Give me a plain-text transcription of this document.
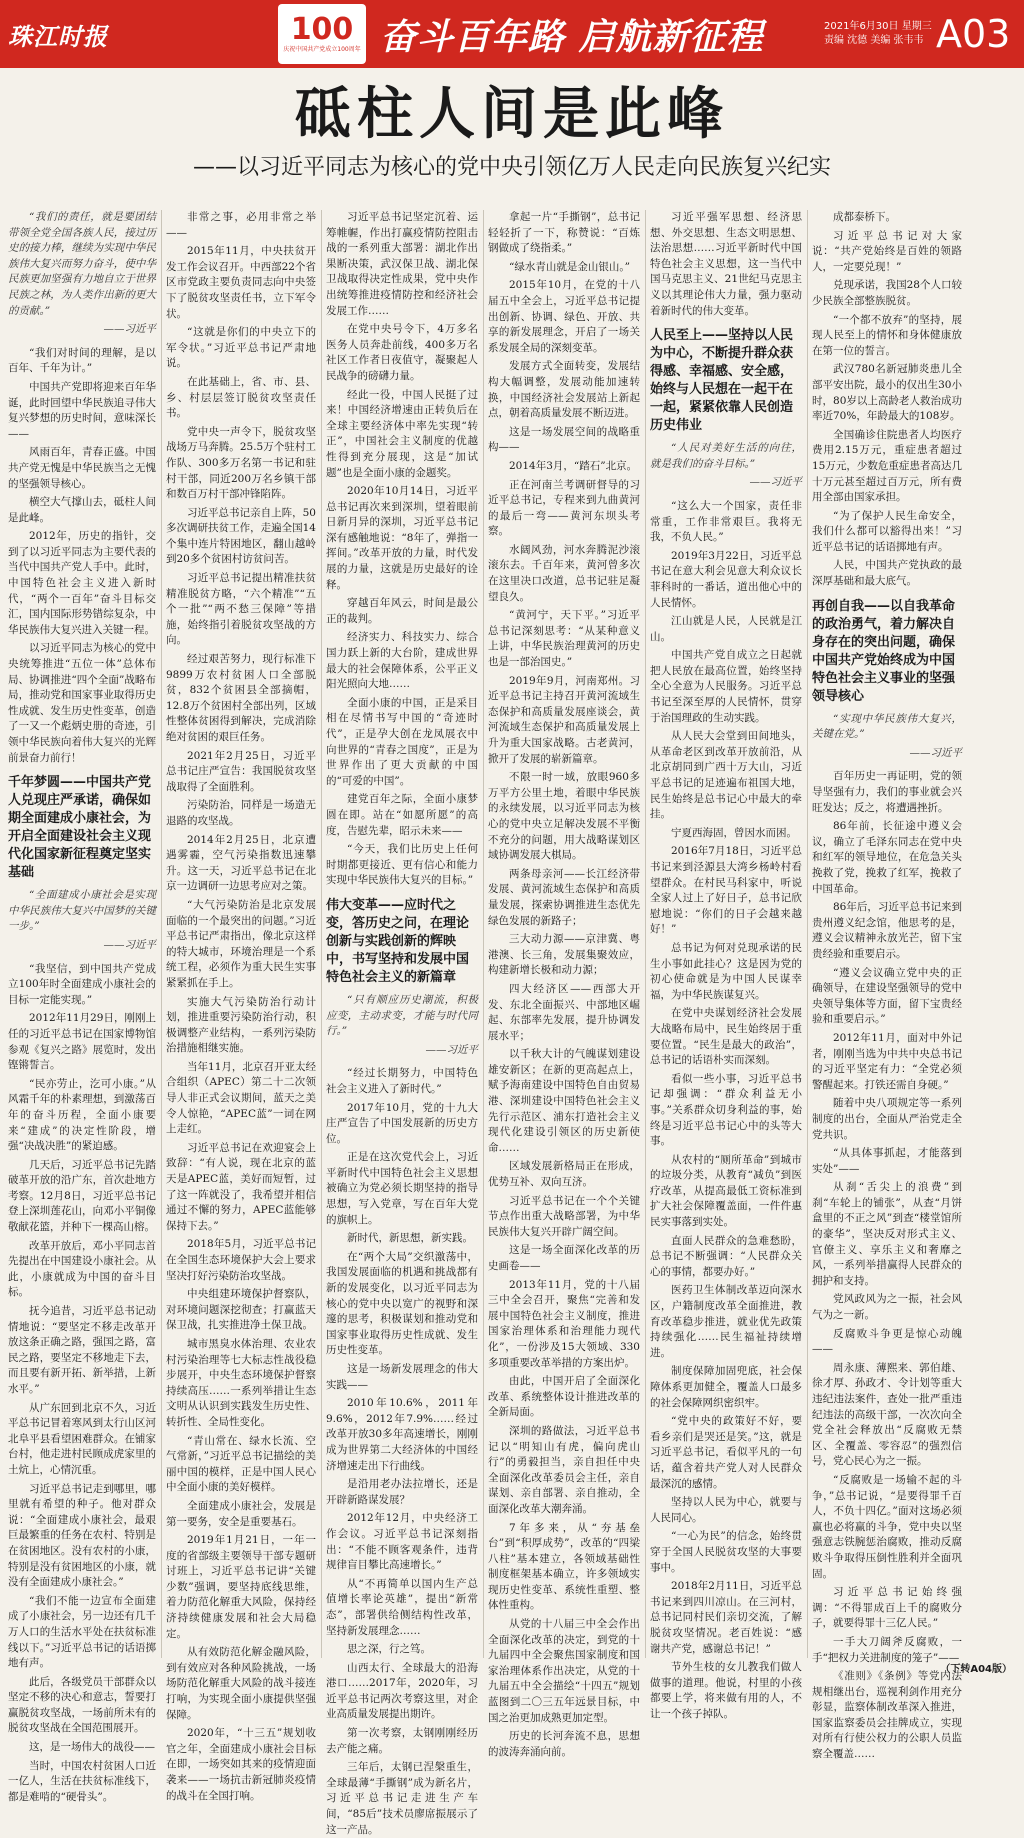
珠江时报	100
庆祝中国共产党成立100周年 奋斗百年路 启航新征程	2021年6月30日 星期三
责编 沈德 美编 张韦韦 A03
砥柱人间是此峰
——以习近平同志为核心的党中央引领亿万人民走向民族复兴纪实

“我们的责任，就是要团结带领全党全国各族人民，接过历史的接力棒，继续为实现中华民族伟大复兴而努力奋斗，使中华民族更加坚强有力地自立于世界民族之林，为人类作出新的更大的贡献。”

——习近平

“我们对时间的理解，是以百年、千年为计。”

中国共产党即将迎来百年华诞，此时回望中华民族追寻伟大复兴梦想的历史时间，意味深长——

风雨百年，青春正盛。中国共产党无愧是中华民族当之无愧的坚强领导核心。

横空大气撑山去，砥柱人间是此峰。

2012年，历史的指针，交到了以习近平同志为主要代表的当代中国共产党人手中。此时，中国特色社会主义进入新时代，“两个一百年”奋斗目标交汇，国内国际形势错综复杂，中华民族伟大复兴进入关键一程。

以习近平同志为核心的党中央统筹推进“五位一体”总体布局、协调推进“四个全面”战略布局，推动党和国家事业取得历史性成就、发生历史性变革，创造了一又一个彪炳史册的奇迹，引领中华民族向着伟大复兴的光辉前景奋力前行！

千年梦圆——中国共产党人兑现庄严承诺，确保如期全面建成小康社会，为开启全面建设社会主义现代化国家新征程奠定坚实基础

“全面建成小康社会是实现中华民族伟大复兴中国梦的关键一步。”

——习近平

“我坚信，到中国共产党成立100年时全面建成小康社会的目标一定能实现。”

2012年11月29日，刚刚上任的习近平总书记在国家博物馆参观《复兴之路》展览时，发出铿锵誓言。

“民亦劳止，汔可小康。”从风霜千年的朴素理想，到激荡百年的奋斗历程，全面小康要来“建成”的决定性阶段，增强“决战决胜”的紧迫感。

几天后，习近平总书记先踏破革开放的沿广东，首次赴地方考察。12月8日，习近平总书记登上深圳莲花山，向邓小平铜像敬献花篮，并种下一棵高山榕。

改革开放后，邓小平同志首先提出在中国建设小康社会。从此，小康就成为中国的奋斗目标。

抚今追昔，习近平总书记动情地说：“要坚定不移走改革开放这条正确之路，强国之路，富民之路，要坚定不移地走下去，而且要有新开拓、新举措，上新水平。”

从广东回到北京不久，习近平总书记冒着寒风到太行山区河北阜平县看望困难群众。在铺家台村，他走进村民顾成虎家里的土炕上，心情沉重。

习近平总书记走到哪里，哪里就有希望的种子。他对群众说：“全面建成小康社会，最艰巨最繁重的任务在农村、特别是在贫困地区。没有农村的小康，特别是没有贫困地区的小康，就没有全面建成小康社会。”

“我们不能一边宣布全面建成了小康社会，另一边还有几千万人口的生活水平处在扶贫标准线以下。”习近平总书记的话语掷地有声。

此后，各级党员干部群众以坚定不移的决心和意志，誓要打赢脱贫攻坚战，一场前所未有的脱贫攻坚战在全国范围展开。

这，是一场伟大的战役——

当时，中国农村贫困人口近一亿人，生活在扶贫标准线下，都是难啃的“硬骨头”。

非常之事，必用非常之举——

2015年11月，中央扶贫开发工作会议召开。中西部22个省区市党政主要负责同志向中央签下了脱贫攻坚责任书，立下军令状。

“这就是你们的中央立下的军令状。”习近平总书记严肃地说。

在此基础上，省、市、县、乡、村层层签订脱贫攻坚责任书。

党中央一声令下，脱贫攻坚战场万马奔腾。25.5万个驻村工作队、300多万名第一书记和驻村干部，同近200万名乡镇干部和数百万村干部冲锋陷阵。

习近平总书记亲自上阵，50多次调研扶贫工作，走遍全国14个集中连片特困地区，翻山越岭到20多个贫困村访贫问苦。

习近平总书记提出精准扶贫精准脱贫方略，“六个精准”“五个一批”“两不愁三保障”等措施，始终指引着脱贫攻坚战的方向。

经过艰苦努力，现行标准下9899万农村贫困人口全部脱贫，832个贫困县全部摘帽，12.8万个贫困村全部出列，区域性整体贫困得到解决，完成消除绝对贫困的艰巨任务。

2021年2月25日，习近平总书记庄严宣告：我国脱贫攻坚战取得了全面胜利。

污染防治，同样是一场造无退路的攻坚战。

2014年2月25日，北京遭遇雾霾，空气污染指数迅速攀升。这一天，习近平总书记在北京一边调研一边思考应对之策。

“大气污染防治是北京发展面临的一个最突出的问题。”习近平总书记严肃指出，像北京这样的特大城市，环境治理是一个系统工程，必须作为重大民生实事紧紧抓在手上。

实施大气污染防治行动计划，推进重要污染防治行动，积极调整产业结构，一系列污染防治措施相继实施。

当年11月，北京召开亚太经合组织（APEC）第二十二次领导人非正式会议期间，蓝天之美令人惊艳，“APEC蓝”一词在网上走红。

习近平总书记在欢迎宴会上致辞：“有人说，现在北京的蓝天是APEC蓝，美好而短暂，过了这一阵就没了，我希望并相信通过不懈的努力，APEC蓝能够保持下去。”

2018年5月，习近平总书记在全国生态环境保护大会上要求坚决打好污染防治攻坚战。

中央组建环境保护督察队，对环境问题深挖彻查；打赢蓝天保卫战，扎实推进净土保卫战。

城市黑臭水体治理、农业农村污染治理等七大标志性战役稳步展开，中央生态环境保护督察持续高压……一系列举措让生态文明从认识到实践发生历史性、转折性、全局性变化。

“青山常在、绿水长流、空气常新，”习近平总书记描绘的美丽中国的模样，正是中国人民心中全面小康的美好模样。

全面建成小康社会，发展是第一要务，安全是重要基石。

2019年1月21日，一年一度的省部级主要领导干部专题研讨班上，习近平总书记讲“关键少数”强调，要坚持底线思维，着力防范化解重大风险，保持经济持续健康发展和社会大局稳定。

从有效防范化解金融风险，到有效应对各种风险挑战，一场场防范化解重大风险的战斗接连打响，为实现全面小康提供坚强保障。

2020年，“十三五”规划收官之年，全面建成小康社会目标在即，一场突如其来的疫情迎面袭来——一场抗击新冠肺炎疫情的战斗在全国打响。

习近平总书记坚定沉着、运筹帷幄，作出打赢疫情防控阻击战的一系列重大部署：湖北作出果断决策，武汉保卫战、湖北保卫战取得决定性成果，党中央作出统筹推进疫情防控和经济社会发展工作……

在党中央号令下，4万多名医务人员奔赴前线，400多万名社区工作者日夜值守，凝聚起人民战争的磅礴力量。

经此一役，中国人民挺了过来！中国经济增速由正转负后在全球主要经济体中率先实现“转正”，中国社会主义制度的优越性得到充分展现，这是“加试题”也是全面小康的金题奖。

2020年10月14日，习近平总书记再次来到深圳，望着眼前日新月异的深圳，习近平总书记深有感触地说：“8年了，弹指一挥间。”改革开放的力量，时代发展的力量，这就是历史最好的诠释。

穿越百年风云，时间是最公正的裁判。

经济实力、科技实力、综合国力跃上新的大台阶，建成世界最大的社会保障体系，公平正义阳光照向大地……

全面小康的中国，正是采目相在尽情书写中国的“奇迹时代”，正是孕大创在龙凤展衣中向世界的“青春之国度”，正是为世界作出了更大贡献的中国的“可爱的中国”。

建党百年之际，全面小康梦圆在即。站在“如愿所愿”的高度，告慰先辈，昭示未来——

“今天，我们比历史上任何时期都更接近、更有信心和能力实现中华民族伟大复兴的目标。”

伟大变革——应时代之变，答历史之问，在理论创新与实践创新的辉映中，书写坚持和发展中国特色社会主义的新篇章

“只有顺应历史潮流，积极应变，主动求变，才能与时代同行。”

——习近平

“经过长期努力，中国特色社会主义进入了新时代。”

2017年10月，党的十九大庄严宣告了中国发展新的历史方位。

正是在这次党代会上，习近平新时代中国特色社会主义思想被确立为党必须长期坚持的指导思想，写入党章，写在百年大党的旗帜上。

新时代，新思想，新实践。

在“两个大局”交织激荡中，我国发展面临的机遇和挑战都有新的发展变化，以习近平同志为核心的党中央以宽广的视野和深邃的思考，积极谋划和推动党和国家事业取得历史性成就、发生历史性变革。

这是一场新发展理念的伟大实践——

2010年10.6%，2011年9.6%，2012年7.9%……经过改革开放30多年高速增长，刚刚成为世界第二大经济体的中国经济增速走出下行曲线。

是沿用老办法拉增长，还是开辟新路谋发展？

2012年12月，中央经济工作会议。习近平总书记深刻指出：“不能不顾客观条件，违背规律盲目攀比高速增长。”

从“不再简单以国内生产总值增长率论英雄”，提出“新常态”，部署供给侧结构性改革，坚持新发展理念……

思之深，行之笃。

山西太行、全球最大的沿海港口……2017年，2020年，习近平总书记两次考察这里，对企业高质量发展提出期许。

第一次考察，太钢刚刚经历去产能之痛。

三年后，太钢已涅槃重生，全球最薄“手撕钢”成为新名片，习近平总书记走进生产车间，“85后”技术员廖席振展示了这一产品。

拿起一片“手撕钢”，总书记轻轻折了一下，称赞说：“百炼钢做成了绕指柔。”

“绿水青山就是金山银山。”

2015年10月，在党的十八届五中全会上，习近平总书记提出创新、协调、绿色、开放、共享的新发展理念，开启了一场关系发展全局的深刻变革。

发展方式全面转变，发展结构大幅调整，发展动能加速转换，中国经济社会发展站上新起点，朝着高质量发展不断迈进。

这是一场发展空间的战略重构——

2014年3月，“踏石”北京。

正在河南兰考调研督导的习近平总书记，专程来到九曲黄河的最后一弯——黄河东坝头考察。

水阔风劲，河水奔腾泥沙滚滚东去。千百年来，黄河曾多次在这里决口改道，总书记驻足凝望良久。

“黄河宁，天下平。”习近平总书记深刻思考：“从某种意义上讲，中华民族治理黄河的历史也是一部治国史。”

2019年9月，河南郑州。习近平总书记主持召开黄河流域生态保护和高质量发展座谈会，黄河流域生态保护和高质量发展上升为重大国家战略。古老黄河，掀开了发展的崭新篇章。

不限一时一域，放眼960多万平方公里土地，着眼中华民族的永续发展，以习近平同志为核心的党中央立足解决发展不平衡不充分的问题，用大战略谋划区域协调发展大棋局。

两条母亲河——长江经济带发展、黄河流域生态保护和高质量发展，探索协调推进生态优先绿色发展的新路子；

三大动力源——京津冀、粤港澳、长三角，发展集聚效应，构建新增长极和动力源；

四大经济区——西部大开发、东北全面振兴、中部地区崛起、东部率先发展，提升协调发展水平；

以千秋大计的气魄谋划建设雄安新区；在新的更高起点上，赋予海南建设中国特色自由贸易港、深圳建设中国特色社会主义先行示范区、浦东打造社会主义现代化建设引领区的历史新使命……

区域发展新格局正在形成，优势互补、双向互济。

习近平总书记在一个个关键节点作出重大战略部署，为中华民族伟大复兴开辟广阔空间。

这是一场全面深化改革的历史画卷——

2013年11月，党的十八届三中全会召开，聚焦“完善和发展中国特色社会主义制度，推进国家治理体系和治理能力现代化”，一份涉及15大领域、330多项重要改革举措的方案出炉。

由此，中国开启了全面深化改革、系统整体设计推进改革的全新局面。

深圳的路做法，习近平总书记以“明知山有虎，偏向虎山行”的勇毅担当，亲自担任中央全面深化改革委员会主任，亲自谋划、亲自部署、亲自推动，全面深化改革大潮奔涌。

7年多来，从“夯基垒台”到“积厚成势”，改革的“四梁八柱”基本建立，各领域基础性制度框架基本确立，许多领域实现历史性变革、系统性重塑、整体性重构。

从党的十八届三中全会作出全面深化改革的决定，到党的十九届四中全会聚焦国家制度和国家治理体系作出决定，从党的十九届五中全会描绘“十四五”规划蓝图到二〇三五年远景目标，中国之治更加成熟更加定型。

历史的长河奔流不息，思想的波涛奔涌向前。

习近平强军思想、经济思想、外交思想、生态文明思想、法治思想……习近平新时代中国特色社会主义思想，这一当代中国马克思主义、21世纪马克思主义以其理论伟大力量，强力驱动着新时代的伟大变革。

人民至上——坚持以人民为中心，不断提升群众获得感、幸福感、安全感，始终与人民想在一起干在一起，紧紧依靠人民创造历史伟业

“人民对美好生活的向往，就是我们的奋斗目标。”

——习近平

“这么大一个国家，责任非常重，工作非常艰巨。我将无我，不负人民。”

2019年3月22日，习近平总书记在意大利会见意大利众议长菲科时的一番话，道出他心中的人民情怀。

江山就是人民，人民就是江山。

中国共产党自成立之日起就把人民放在最高位置，始终坚持全心全意为人民服务。习近平总书记至深至厚的人民情怀，贯穿于治国理政的生动实践。

从人民大会堂到田间地头，从革命老区到改革开放前沿，从北京胡同到广西十万大山，习近平总书记的足迹遍布祖国大地，民生始终是总书记心中最大的牵挂。

宁夏西海固，曾因水而困。

2016年7月18日，习近平总书记来到泾源县大湾乡杨岭村看望群众。在村民马科家中，听说全家人过上了好日子，总书记欣慰地说：“你们的日子会越来越好！”

总书记为何对兑现承诺的民生小事如此挂心？这是因为党的初心使命就是为中国人民谋幸福，为中华民族谋复兴。

在党中央谋划经济社会发展大战略布局中，民生始终居于重要位置。“民生是最大的政治”，总书记的话语朴实而深刻。

看似一些小事，习近平总书记却强调：“群众利益无小事。”关系群众切身利益的事，始终是习近平总书记心中的头等大事。

从农村的“厕所革命”到城市的垃圾分类，从教育“减负”到医疗改革，从提高最低工资标准到扩大社会保障覆盖面，一件件惠民实事落到实处。

直面人民群众的急难愁盼，总书记不断强调：“人民群众关心的事情，都要办好。”

医药卫生体制改革迈向深水区，户籍制度改革全面推进，教育改革稳步推进，就业优先政策持续强化……民生福祉持续增进。

制度保障加固兜底，社会保障体系更加健全，覆盖人口最多的社会保障网织密织牢。

“党中央的政策好不好，要看乡亲们是哭还是笑。”这，就是习近平总书记，看似平凡的一句话，蕴含着共产党人对人民群众最深沉的感情。

坚持以人民为中心，就要与人民同心。

“一心为民”的信念，始终贯穿于全国人民脱贫攻坚的大事要事中。

2018年2月11日，习近平总书记来到四川凉山。在三河村，总书记同村民们亲切交流，了解脱贫攻坚情况。老百姓说：“感谢共产党，感谢总书记！”

节外生枝的女儿教我们做人做事的道理。他说，村里的小孩都要上学，将来做有用的人，不让一个孩子掉队。

成都泰桥下。

习近平总书记对大家说：“共产党始终是百姓的领路人，一定要兑现！”

兑现承诺，我国28个人口较少民族全部整族脱贫。

“一个都不放弃”的坚持，展现人民至上的情怀和身体健康放在第一位的誓言。

武汉780名新冠肺炎患儿全部平安出院，最小的仅出生30小时，80岁以上高龄老人救治成功率近70%，年龄最大的108岁。

全国确诊住院患者人均医疗费用2.15万元，重症患者超过15万元，少数危重症患者高达几十万元甚至超过百万元，所有费用全部由国家承担。

“为了保护人民生命安全，我们什么都可以豁得出来！”习近平总书记的话语掷地有声。

人民，中国共产党执政的最深厚基础和最大底气。

再创自我——以自我革命的政治勇气，着力解决自身存在的突出问题，确保中国共产党始终成为中国特色社会主义事业的坚强领导核心

“实现中华民族伟大复兴，关键在党。”

——习近平

百年历史一再证明，党的领导坚强有力，我们的事业就会兴旺发达；反之，将遭遇挫折。

86年前，长征途中遵义会议，确立了毛泽东同志在党中央和红军的领导地位，在危急关头挽救了党，挽救了红军，挽救了中国革命。

86年后，习近平总书记来到贵州遵义纪念馆，他思考的是，遵义会议精神永放光芒，留下宝贵经验和重要启示。

“遵义会议确立党中央的正确领导，在建设坚强领导的党中央领导集体等方面，留下宝贵经验和重要启示。”

2012年11月，面对中外记者，刚刚当选为中共中央总书记的习近平坚定有力：“全党必须警醒起来。打铁还需自身硬。”

随着中央八项规定等一系列制度的出台，全面从严治党走全党共识。

“从具体事抓起，才能落到实处”——

从刹“舌尖上的浪费”到刹“车轮上的铺张”，从查“月饼盒里的不正之风”到查“楼堂馆所的豪华”，坚决反对形式主义、官僚主义、享乐主义和奢靡之风，一系列举措赢得人民群众的拥护和支持。

党风政风为之一振，社会风气为之一新。

反腐败斗争更是惊心动魄——

周永康、薄熙来、郭伯雄、徐才厚、孙政才、令计划等重大违纪违法案件，查处一批严重违纪违法的高级干部，一次次向全党全社会释放出“反腐败无禁区、全覆盖、零容忍”的强烈信号，党心民心为之一振。

“反腐败是一场输不起的斗争，”总书记说，“是要得罪千百人，不负十四亿。”面对这场必须赢也必将赢的斗争，党中央以坚强意志铁腕惩治腐败，推动反腐败斗争取得压倒性胜利并全面巩固。

习近平总书记始终强调：“不得罪成百上千的腐败分子，就要得罪十三亿人民。”

一手大刀阔斧反腐败，一手“把权力关进制度的笼子”——

《准则》《条例》等党内法规相继出台，巡视利剑作用充分彰显，监察体制改革深入推进，国家监察委员会挂牌成立，实现对所有行使公权力的公职人员监察全覆盖……

（下转A04版）
